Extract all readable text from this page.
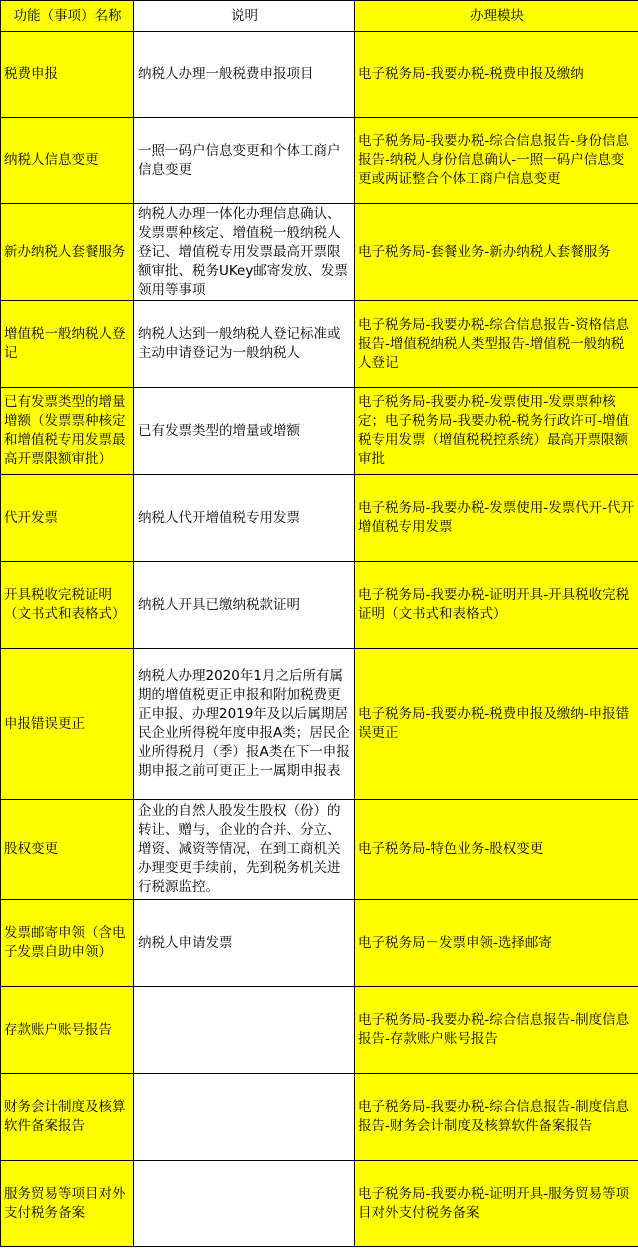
功能（事项）名称	说明	办理模块
税费申报	纳税人办理一般税费申报项目	电子税务局-我要办税-税费申报及缴纳
纳税人信息变更	一照一码户信息变更和个体工商户信息变更	电子税务局-我要办税-综合信息报告-身份信息报告-纳税人身份信息确认-一照一码户信息变更或两证整合个体工商户信息变更
新办纳税人套餐服务	纳税人办理一体化办理信息确认、发票票种核定、增值税一般纳税人登记、增值税专用发票最高开票限额审批、税务UKey邮寄发放、发票领用等事项	电子税务局-套餐业务-新办纳税人套餐服务
增值税一般纳税人登记	纳税人达到一般纳税人登记标准或主动申请登记为一般纳税人	电子税务局-我要办税-综合信息报告-资格信息报告-增值税纳税人类型报告-增值税一般纳税人登记
已有发票类型的增量增额（发票票种核定和增值税专用发票最高开票限额审批）	已有发票类型的增量或增额	电子税务局-我要办税-发票使用-发票票种核定；电子税务局-我要办税-税务行政许可-增值税专用发票（增值税税控系统）最高开票限额审批
代开发票	纳税人代开增值税专用发票	电子税务局-我要办税-发票使用-发票代开-代开增值税专用发票
开具税收完税证明（文书式和表格式）	纳税人开具已缴纳税款证明	电子税务局-我要办税-证明开具-开具税收完税证明（文书式和表格式）
申报错误更正	纳税人办理2020年1月之后所有属期的增值税更正申报和附加税费更正申报、办理2019年及以后属期居民企业所得税年度申报A类；居民企业所得税月（季）报A类在下一申报期申报之前可更正上一属期申报表	电子税务局-我要办税-税费申报及缴纳-申报错误更正
股权变更	企业的自然人股发生股权（份）的转让、赠与，企业的合并、分立、增资、减资等情况，在到工商机关办理变更手续前，先到税务机关进行税源监控。	电子税务局-特色业务-股权变更
发票邮寄申领（含电子发票自助申领）	纳税人申请发票	电子税务局－发票申领-选择邮寄
存款账户账号报告		电子税务局-我要办税-综合信息报告-制度信息报告-存款账户账号报告
财务会计制度及核算软件备案报告		电子税务局-我要办税-综合信息报告-制度信息报告-财务会计制度及核算软件备案报告
服务贸易等项目对外支付税务备案		电子税务局-我要办税-证明开具-服务贸易等项目对外支付税务备案
